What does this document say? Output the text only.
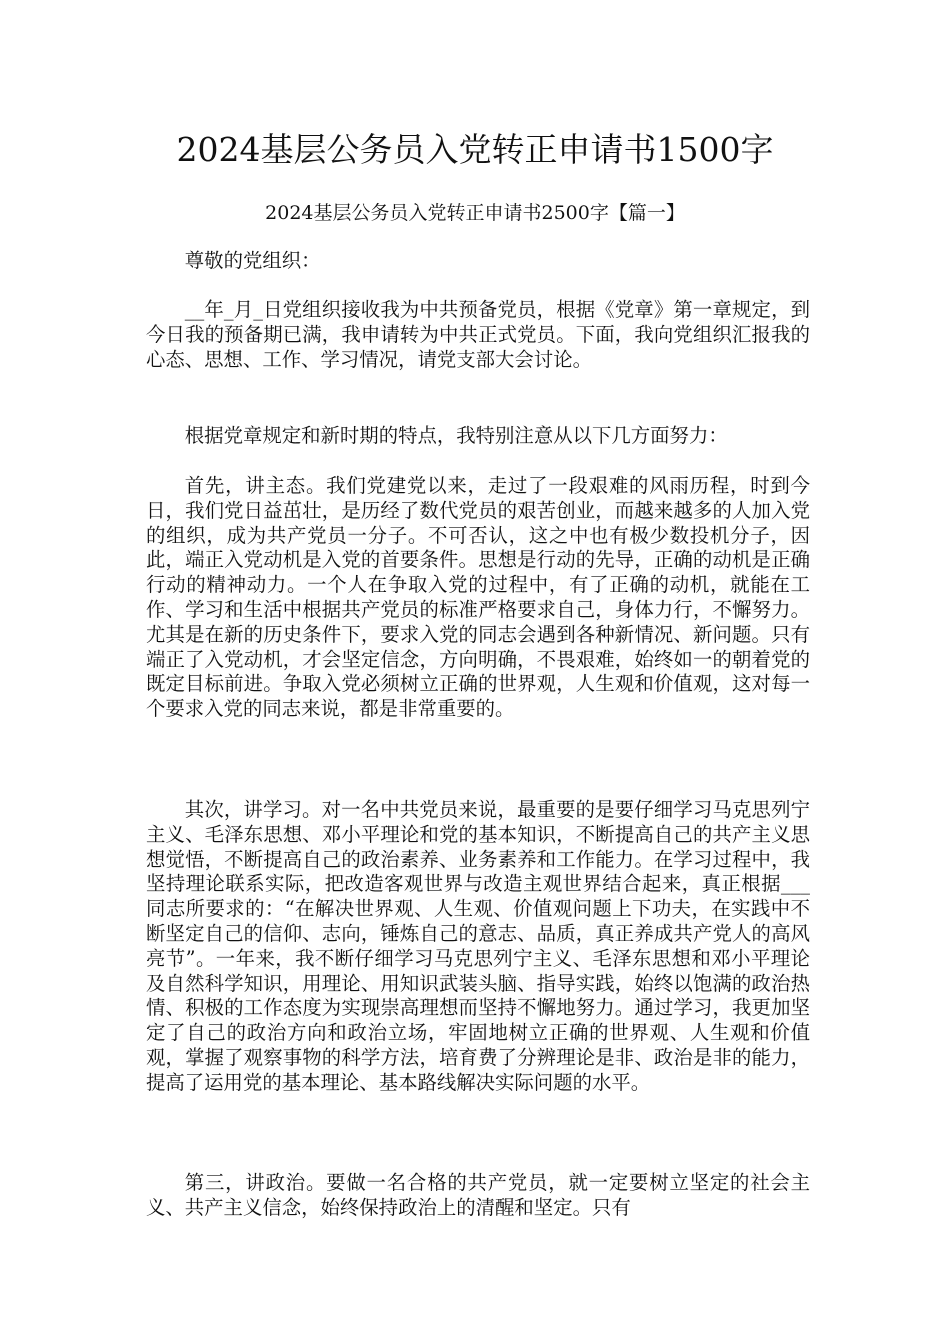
2024基层公务员入党转正申请书1500字
2024基层公务员入党转正申请书2500字【篇一】
尊敬的党组织：
__年_月_日党组织接收我为中共预备党员，根据《党章》第一章规定，到今日我的预备期已满，我申请转为中共正式党员。下面，我向党组织汇报我的心态、思想、工作、学习情况，请党支部大会讨论。
根据党章规定和新时期的特点，我特别注意从以下几方面努力：
首先，讲主态。我们党建党以来，走过了一段艰难的风雨历程，时到今日，我们党日益茁壮，是历经了数代党员的艰苦创业，而越来越多的人加入党的组织，成为共产党员一分子。不可否认，这之中也有极少数投机分子，因此，端正入党动机是入党的首要条件。思想是行动的先导，正确的动机是正确行动的精神动力。一个人在争取入党的过程中，有了正确的动机，就能在工作、学习和生活中根据共产党员的标准严格要求自己，身体力行，不懈努力。尤其是在新的历史条件下，要求入党的同志会遇到各种新情况、新问题。只有端正了入党动机，才会坚定信念，方向明确，不畏艰难，始终如一的朝着党的既定目标前进。争取入党必须树立正确的世界观，人生观和价值观，这对每一个要求入党的同志来说，都是非常重要的。
其次，讲学习。对一名中共党员来说，最重要的是要仔细学习马克思列宁主义、毛泽东思想、邓小平理论和党的基本知识，不断提高自己的共产主义思想觉悟，不断提高自己的政治素养、业务素养和工作能力。在学习过程中，我坚持理论联系实际，把改造客观世界与改造主观世界结合起来，真正根据___同志所要求的：“在解决世界观、人生观、价值观问题上下功夫，在实践中不断坚定自己的信仰、志向，锤炼自己的意志、品质，真正养成共产党人的高风亮节”。一年来，我不断仔细学习马克思列宁主义、毛泽东思想和邓小平理论及自然科学知识，用理论、用知识武装头脑、指导实践，始终以饱满的政治热情、积极的工作态度为实现崇高理想而坚持不懈地努力。通过学习，我更加坚定了自己的政治方向和政治立场，牢固地树立正确的世界观、人生观和价值观，掌握了观察事物的科学方法，培育费了分辨理论是非、政治是非的能力，提高了运用党的基本理论、基本路线解决实际问题的水平。
第三，讲政治。要做一名合格的共产党员，就一定要树立坚定的社会主义、共产主义信念，始终保持政治上的清醒和坚定。只有
